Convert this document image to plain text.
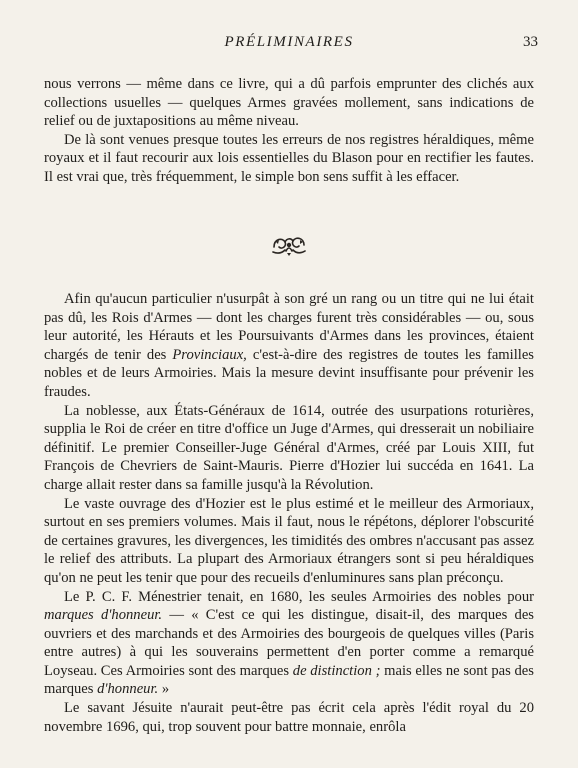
PRÉLIMINAIRES	33

nous verrons — même dans ce livre, qui a dû parfois emprunter des clichés aux collections usuelles — quelques Armes gravées mollement, sans indications de relief ou de juxtapositions au même niveau.

De là sont venues presque toutes les erreurs de nos registres héraldiques, même royaux et il faut recourir aux lois essentielles du Blason pour en rectifier les fautes. Il est vrai que, très fréquemment, le simple bon sens suffit à les effacer.

Afin qu'aucun particulier n'usurpât à son gré un rang ou un titre qui ne lui était pas dû, les Rois d'Armes — dont les charges furent très considérables — ou, sous leur autorité, les Hérauts et les Poursuivants d'Armes dans les provinces, étaient chargés de tenir des Provinciaux, c'est-à-dire des registres de toutes les familles nobles et de leurs Armoiries. Mais la mesure devint insuffisante pour prévenir les fraudes.

La noblesse, aux États-Généraux de 1614, outrée des usurpations roturières, supplia le Roi de créer en titre d'office un Juge d'Armes, qui dresserait un nobiliaire définitif. Le premier Conseiller-Juge Général d'Armes, créé par Louis XIII, fut François de Chevriers de Saint-Mauris. Pierre d'Hozier lui succéda en 1641. La charge allait rester dans sa famille jusqu'à la Révolution.

Le vaste ouvrage des d'Hozier est le plus estimé et le meilleur des Armoriaux, surtout en ses premiers volumes. Mais il faut, nous le répétons, déplorer l'obscurité de certaines gravures, les divergences, les timidités des ombres n'accusant pas assez le relief des attributs. La plupart des Armoriaux étrangers sont si peu héraldiques qu'on ne peut les tenir que pour des recueils d'enluminures sans plan préconçu.

Le P. C. F. Ménestrier tenait, en 1680, les seules Armoiries des nobles pour marques d'honneur. — « C'est ce qui les distingue, disait-il, des marques des ouvriers et des marchands et des Armoiries des bourgeois de quelques villes (Paris entre autres) à qui les souverains permettent d'en porter comme a remarqué Loyseau. Ces Armoiries sont des marques de distinction ; mais elles ne sont pas des marques d'honneur. »

Le savant Jésuite n'aurait peut-être pas écrit cela après l'édit royal du 20 novembre 1696, qui, trop souvent pour battre monnaie, enrôla
